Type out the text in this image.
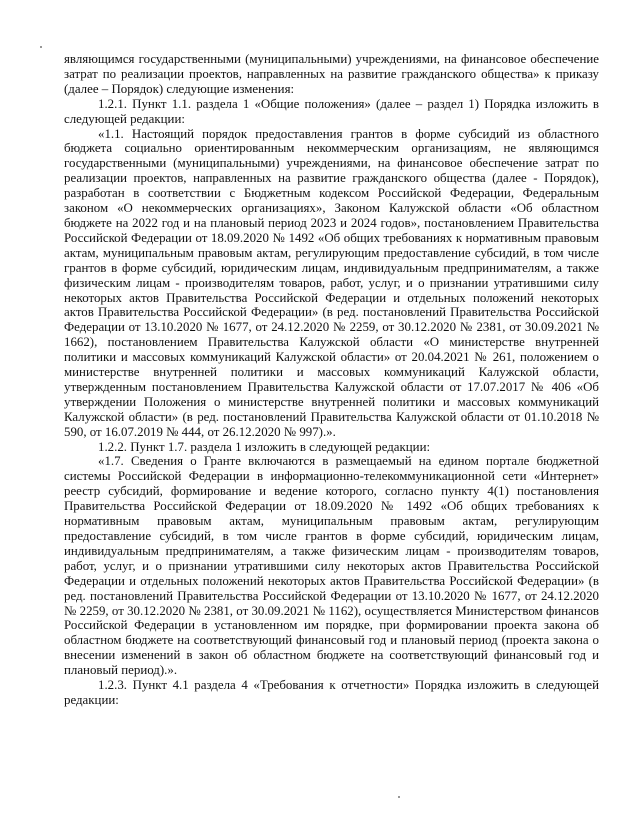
являющимся государственными (муниципальными) учреждениями, на финансовое обеспечение затрат по реализации проектов, направленных на развитие гражданского общества» к приказу (далее – Порядок) следующие изменения:

1.2.1. Пункт 1.1. раздела 1 «Общие положения» (далее – раздел 1) Порядка изложить в следующей редакции:

«1.1. Настоящий порядок предоставления грантов в форме субсидий из областного бюджета социально ориентированным некоммерческим организациям, не являющимся государственными (муниципальными) учреждениями, на финансовое обеспечение затрат по реализации проектов, направленных на развитие гражданского общества (далее - Порядок), разработан в соответствии с Бюджетным кодексом Российской Федерации, Федеральным законом «О некоммерческих организациях», Законом Калужской области «Об областном бюджете на 2022 год и на плановый период 2023 и 2024 годов», постановлением Правительства Российской Федерации от 18.09.2020 № 1492 «Об общих требованиях к нормативным правовым актам, муниципальным правовым актам, регулирующим предоставление субсидий, в том числе грантов в форме субсидий, юридическим лицам, индивидуальным предпринимателям, а также физическим лицам - производителям товаров, работ, услуг, и о признании утратившими силу некоторых актов Правительства Российской Федерации и отдельных положений некоторых актов Правительства Российской Федерации» (в ред. постановлений Правительства Российской Федерации от 13.10.2020 № 1677, от 24.12.2020 № 2259, от 30.12.2020 № 2381, от 30.09.2021 № 1662), постановлением Правительства Калужской области «О министерстве внутренней политики и массовых коммуникаций Калужской области» от 20.04.2021 № 261, положением о министерстве внутренней политики и массовых коммуникаций Калужской области, утвержденным постановлением Правительства Калужской области от 17.07.2017 № 406 «Об утверждении Положения о министерстве внутренней политики и массовых коммуникаций Калужской области» (в ред. постановлений Правительства Калужской области от 01.10.2018 № 590, от 16.07.2019 № 444, от 26.12.2020 № 997).».

1.2.2. Пункт 1.7. раздела 1 изложить в следующей редакции:

«1.7. Сведения о Гранте включаются в размещаемый на едином портале бюджетной системы Российской Федерации в информационно-телекоммуникационной сети «Интернет» реестр субсидий, формирование и ведение которого, согласно пункту 4(1) постановления Правительства Российской Федерации от 18.09.2020 № 1492 «Об общих требованиях к нормативным правовым актам, муниципальным правовым актам, регулирующим предоставление субсидий, в том числе грантов в форме субсидий, юридическим лицам, индивидуальным предпринимателям, а также физическим лицам - производителям товаров, работ, услуг, и о признании утратившими силу некоторых актов Правительства Российской Федерации и отдельных положений некоторых актов Правительства Российской Федерации» (в ред. постановлений Правительства Российской Федерации от 13.10.2020 № 1677, от 24.12.2020 № 2259, от 30.12.2020 № 2381, от 30.09.2021 № 1162), осуществляется Министерством финансов Российской Федерации в установленном им порядке, при формировании проекта закона об областном бюджете на соответствующий финансовый год и плановый период (проекта закона о внесении изменений в закон об областном бюджете на соответствующий финансовый год и плановый период).».

1.2.3. Пункт 4.1 раздела 4 «Требования к отчетности» Порядка изложить в следующей редакции:
